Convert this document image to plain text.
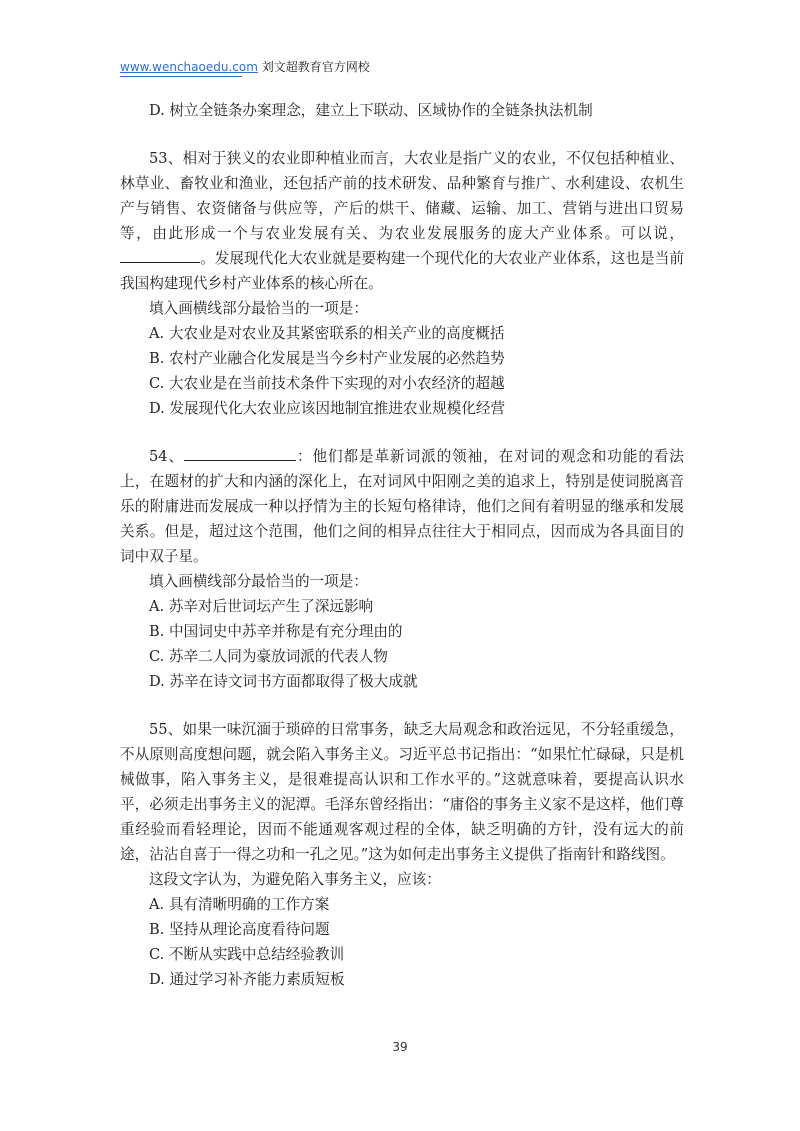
www.wenchaoedu.com 刘文超教育官方网校

D. 树立全链条办案理念，建立上下联动、区域协作的全链条执法机制

53、相对于狭义的农业即种植业而言，大农业是指广义的农业，不仅包括种植业、林草业、畜牧业和渔业，还包括产前的技术研发、品种繁育与推广、水利建设、农机生产与销售、农资储备与供应等，产后的烘干、储藏、运输、加工、营销与进出口贸易等，由此形成一个与农业发展有关、为农业发展服务的庞大产业体系。可以说，。发展现代化大农业就是要构建一个现代化的大农业产业体系，这也是当前我国构建现代乡村产业体系的核心所在。

填入画横线部分最恰当的一项是：

A. 大农业是对农业及其紧密联系的相关产业的高度概括

B. 农村产业融合化发展是当今乡村产业发展的必然趋势

C. 大农业是在当前技术条件下实现的对小农经济的超越

D. 发展现代化大农业应该因地制宜推进农业规模化经营

54、	：他们都是革新词派的领袖，在对词的观念和功能的看法上，在题材的扩大和内涵的深化上，在对词风中阳刚之美的追求上，特别是使词脱离音乐的附庸进而发展成一种以抒情为主的长短句格律诗，他们之间有着明显的继承和发展关系。但是，超过这个范围，他们之间的相异点往往大于相同点，因而成为各具面目的词中双子星。

填入画横线部分最恰当的一项是：

A. 苏辛对后世词坛产生了深远影响

B. 中国词史中苏辛并称是有充分理由的

C. 苏辛二人同为豪放词派的代表人物

D. 苏辛在诗文词书方面都取得了极大成就

55、如果一味沉湎于琐碎的日常事务，缺乏大局观念和政治远见，不分轻重缓急，不从原则高度想问题，就会陷入事务主义。习近平总书记指出：“如果忙忙碌碌，只是机械做事，陷入事务主义，是很难提高认识和工作水平的。”这就意味着，要提高认识水平，必须走出事务主义的泥潭。毛泽东曾经指出：“庸俗的事务主义家不是这样，他们尊重经验而看轻理论，因而不能通观客观过程的全体，缺乏明确的方针，没有远大的前途，沾沾自喜于一得之功和一孔之见。”这为如何走出事务主义提供了指南针和路线图。

这段文字认为，为避免陷入事务主义，应该：

A. 具有清晰明确的工作方案

B. 坚持从理论高度看待问题

C. 不断从实践中总结经验教训

D. 通过学习补齐能力素质短板

39
